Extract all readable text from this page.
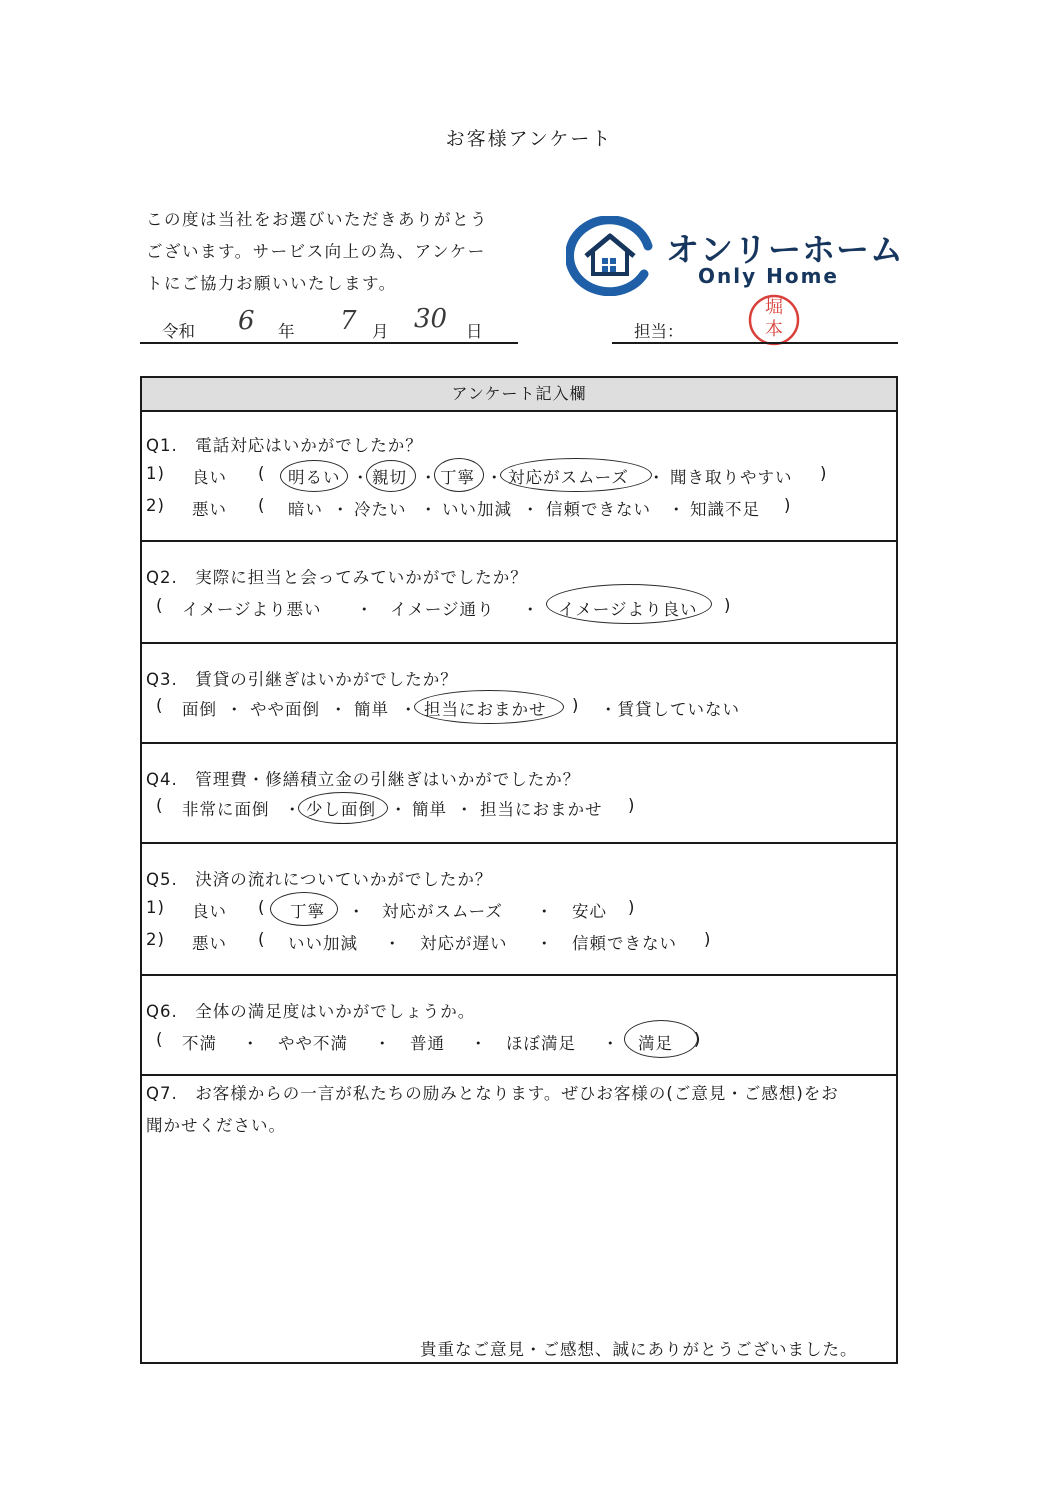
お客様アンケート
この度は当社をお選びいただきありがとう
ございます。サービス向上の為、アンケー
トにご協力お願いいたします。
オンリーホーム
Only Home
令和 6 年 7 月 30 日	担当：
堀本
アンケート記入欄
Q1.　電話対応はいかがでしたか？
1) 良い ( 明るい ・ 親切 ・ 丁寧 ・ 対応がスムーズ ・ 聞き取りやすい )
2) 悪い ( 暗い ・ 冷たい ・ いい加減 ・ 信頼できない ・ 知識不足 )
Q2.　実際に担当と会ってみていかがでしたか？
( イメージより悪い ・ イメージ通り ・ イメージより良い )
Q3.　賃貸の引継ぎはいかがでしたか？
( 面倒 ・ やや面倒 ・ 簡単 ・ 担当におまかせ ) ・賃貸していない
Q4.　管理費・修繕積立金の引継ぎはいかがでしたか？
( 非常に面倒 ・ 少し面倒 ・ 簡単 ・ 担当におまかせ )
Q5.　決済の流れについていかがでしたか？
1) 良い ( 丁寧 ・ 対応がスムーズ ・ 安心 )
2) 悪い ( いい加減 ・ 対応が遅い ・ 信頼できない )
Q6.　全体の満足度はいかがでしょうか。
( 不満 ・ やや不満 ・ 普通 ・ ほぼ満足 ・ 満足 )
Q7.　お客様からの一言が私たちの励みとなります。ぜひお客様の(ご意見・ご感想)をお
聞かせください。
貴重なご意見・ご感想、誠にありがとうございました。
